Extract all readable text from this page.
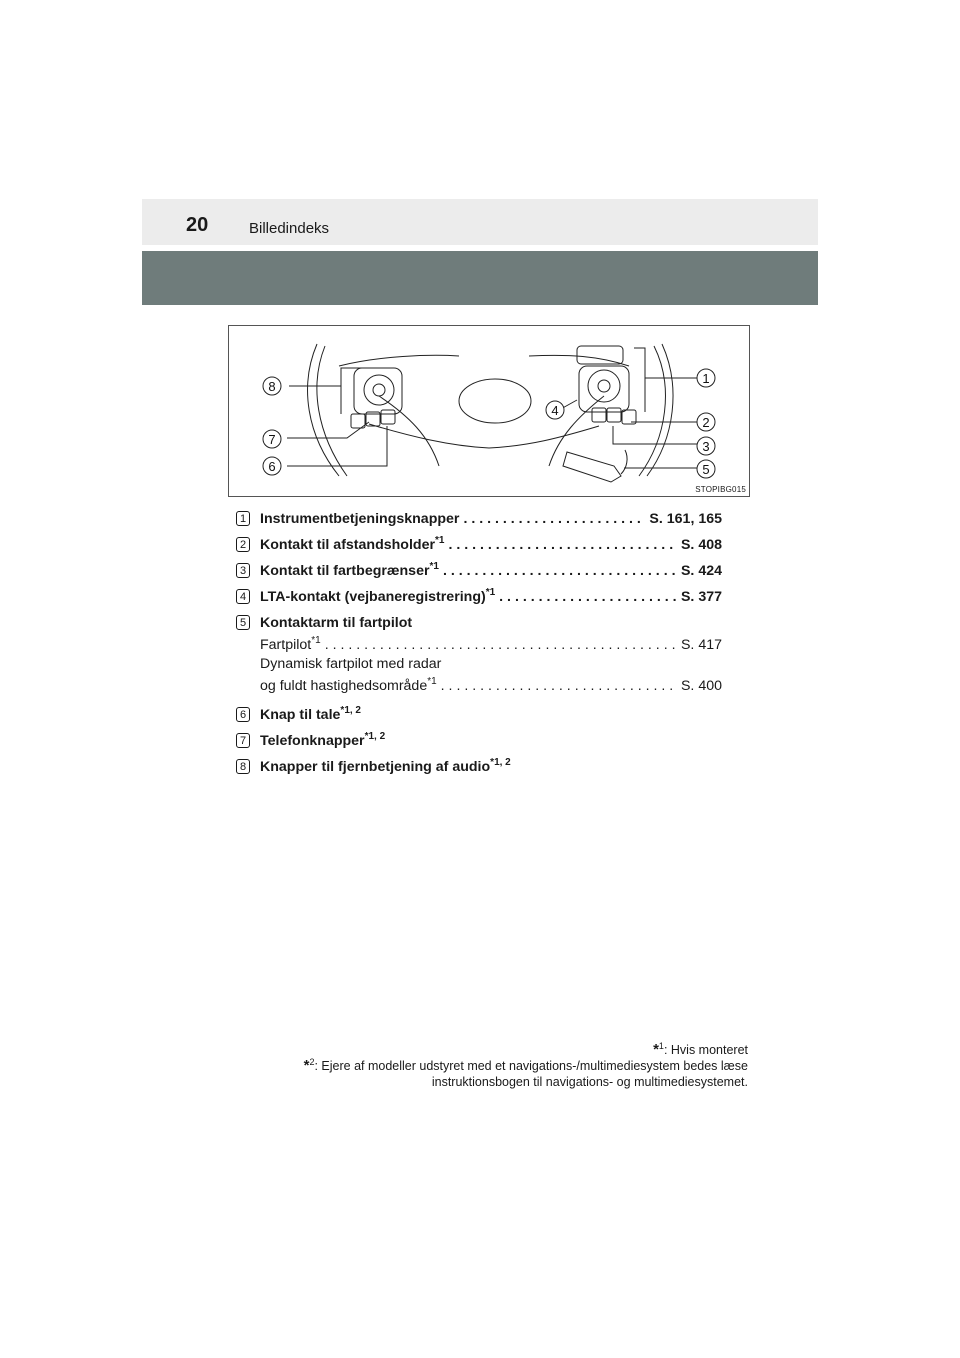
20	Billedindeks
8
7
6
4
1
2
3
5
STOPIBG015
1 Instrumentbetjeningsknapper . . .	S. 161, 165
2 Kontakt til afstandsholder$^{*1}$ . . .	S. 408
3 Kontakt til fartbegrænser$^{*1}$ . . .	S. 424
4 LTA-kontakt (vejbaneregistrering)$^{*1}$ . . .	S. 377
5 Kontaktarm til fartpilot
Fartpilot$^{*1}$ . . .	S. 417
Dynamisk fartpilot med radar
og fuldt hastighedsområde$^{*1}$ . . .	S. 400
6 Knap til tale$^{*1, 2}$
7 Telefonknapper$^{*1, 2}$
8 Knapper til fjernbetjening af audio$^{*1, 2}$
*$^1$: Hvis monteret
*$^2$: Ejere af modeller udstyret med et navigations-/multimediesystem bedes læse
instruktionsbogen til navigations- og multimediesystemet.
